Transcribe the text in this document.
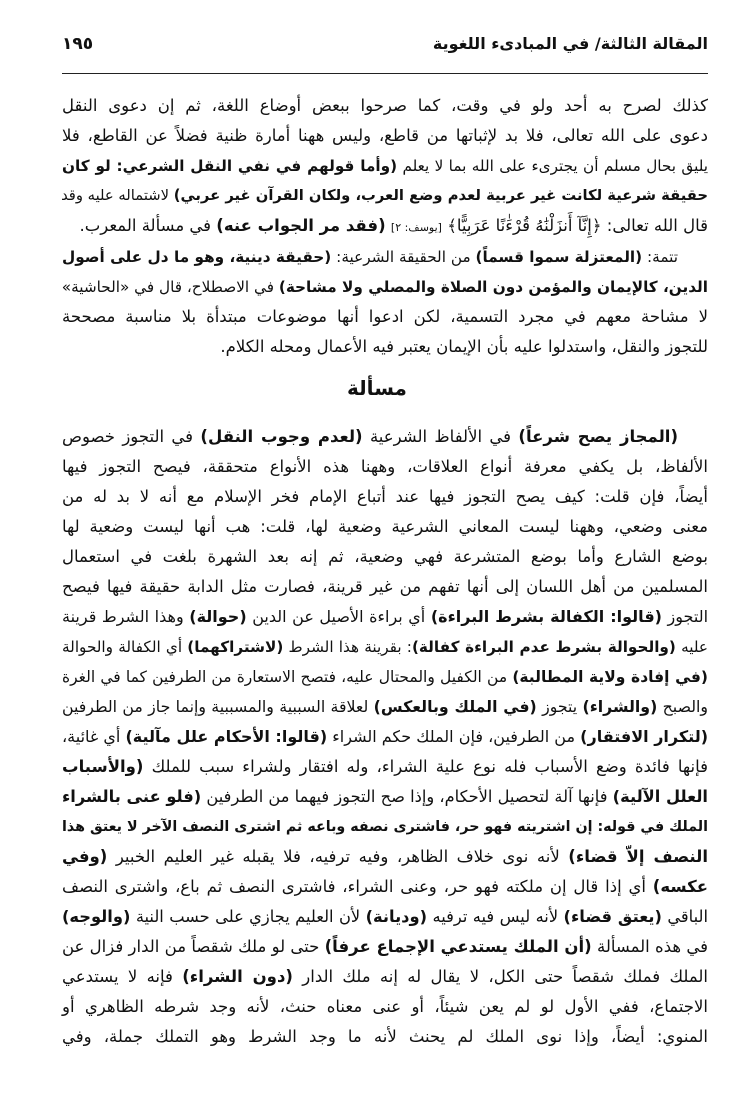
المقالة الثالثة/ في المبادىء اللغوية
١٩٥
كذلك لصرح به أحد ولو في وقت، كما صرحوا ببعض أوضاع اللغة، ثم إن دعوى النقل
دعوى على الله تعالى، فلا بد لإثباتها من قاطع، وليس ههنا أمارة ظنية فضلاً عن القاطع، فلا
يليق بحال مسلم أن يجترىء على الله بما لا يعلم (وأما قولهم في نفي النقل الشرعي: لو كان
حقيقة شرعية لكانت غير عربية لعدم وضع العرب، ولكان القرآن غير عربي) لاشتماله عليه وقد
قال الله تعالى: ﴿إِنَّآ أَنزَلْنَٰهُ قُرْءَٰنًا عَرَبِيًّا﴾ [يوسف: ٢] (فقد مر الجواب عنه) في مسألة المعرب.
تتمة: (المعتزلة سموا قسماً) من الحقيقة الشرعية: (حقيقة دينية، وهو ما دل على أصول
الدين، كالإيمان والمؤمن دون الصلاة والمصلي ولا مشاحة) في الاصطلاح، قال في «الحاشية»
لا مشاحة معهم في مجرد التسمية، لكن ادعوا أنها موضوعات مبتدأة بلا مناسبة مصححة
للتجوز والنقل، واستدلوا عليه بأن الإيمان يعتبر فيه الأعمال ومحله الكلام.
مسألة
(المجاز يصح شرعاً) في الألفاظ الشرعية (لعدم وجوب النقل) في التجوز خصوص
الألفاظ، بل يكفي معرفة أنواع العلاقات، وههنا هذه الأنواع متحققة، فيصح التجوز فيها
أيضاً، فإن قلت: كيف يصح التجوز فيها عند أتباع الإمام فخر الإسلام مع أنه لا بد له من
معنى وضعي، وههنا ليست المعاني الشرعية وضعية لها، قلت: هب أنها ليست وضعية لها
بوضع الشارع وأما بوضع المتشرعة فهي وضعية، ثم إنه بعد الشهرة بلغت في استعمال
المسلمين من أهل اللسان إلى أنها تفهم من غير قرينة، فصارت مثل الدابة حقيقة فيها فيصح
التجوز (قالوا: الكفالة بشرط البراءة) أي براءة الأصيل عن الدين (حوالة) وهذا الشرط قرينة
عليه (والحوالة بشرط عدم البراءة كفالة): بقرينة هذا الشرط (لاشتراكهما) أي الكفالة والحوالة
(في إفادة ولاية المطالبة) من الكفيل والمحتال عليه، فتصح الاستعارة من الطرفين كما في الغرة
والصبح (والشراء) يتجوز (في الملك وبالعكس) لعلاقة السببية والمسببية وإنما جاز من الطرفين
(لتكرار الافتقار) من الطرفين، فإن الملك حكم الشراء (قالوا: الأحكام علل مآلية) أي غائية،
فإنها فائدة وضع الأسباب فله نوع علية الشراء، وله افتقار ولشراء سبب للملك (والأسباب
العلل الآلية) فإنها آلة لتحصيل الأحكام، وإذا صح التجوز فيهما من الطرفين (فلو عنى بالشراء
الملك في قوله: إن اشتريته فهو حر، فاشترى نصفه وباعه ثم اشترى النصف الآخر لا يعتق هذا
النصف إلاّ قضاء) لأنه نوى خلاف الظاهر، وفيه ترفيه، فلا يقبله غير العليم الخبير (وفي
عكسه) أي إذا قال إن ملكته فهو حر، وعنى الشراء، فاشترى النصف ثم باع، واشترى النصف
الباقي (يعتق قضاء) لأنه ليس فيه ترفيه (وديانة) لأن العليم يجازي على حسب النية (والوجه)
في هذه المسألة (أن الملك يستدعي الإجماع عرفاً) حتى لو ملك شقصاً من الدار فزال عن
الملك فملك شقصاً حتى الكل، لا يقال له إنه ملك الدار (دون الشراء) فإنه لا يستدعي
الاجتماع، ففي الأول لو لم يعن شيئاً، أو عنى معناه حنث، لأنه وجد شرطه الظاهري أو
المنوي: أيضاً، وإذا نوى الملك لم يحنث لأنه ما وجد الشرط وهو التملك جملة، وفي
